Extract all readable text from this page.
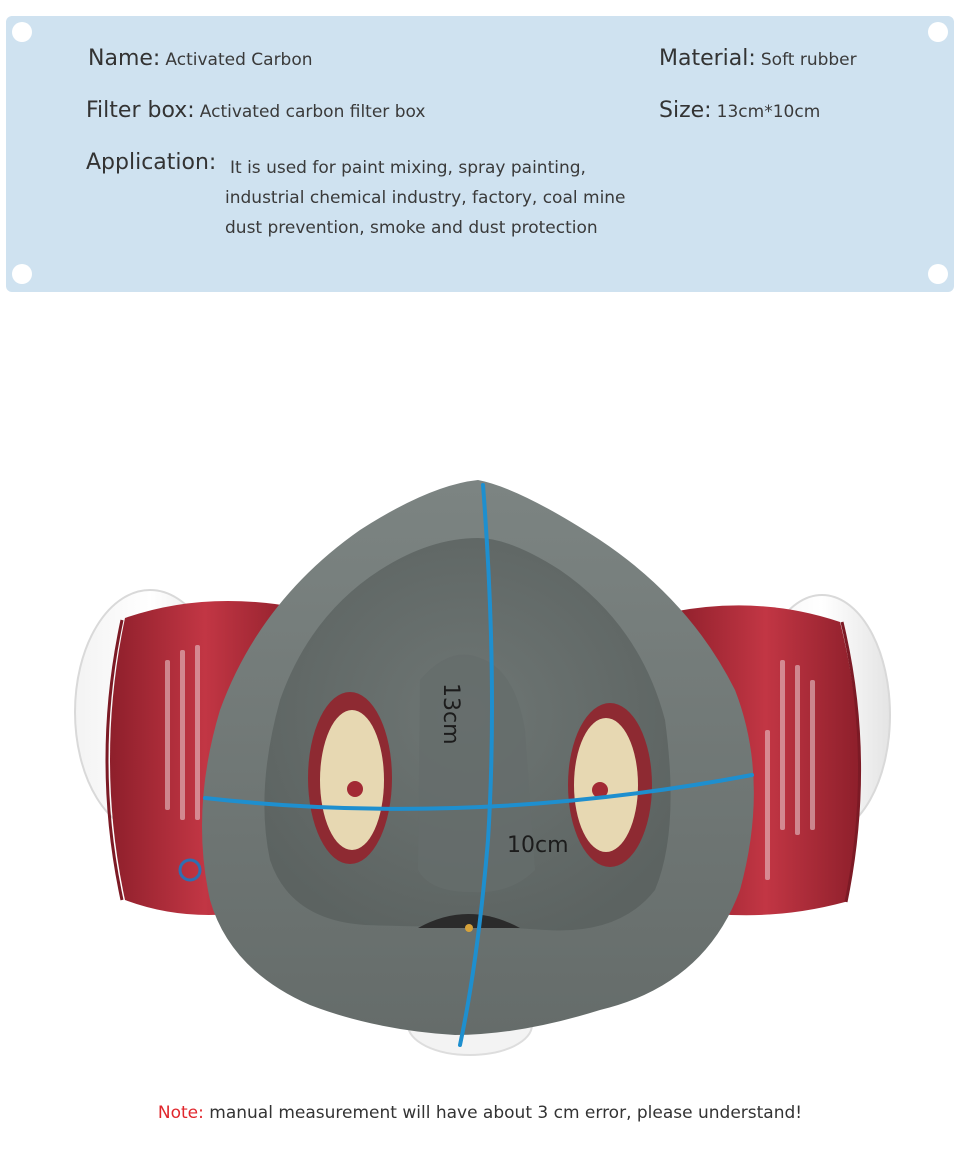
Name: Activated Carbon
Filter box: Activated carbon filter box
Material: Soft rubber
Size: 13cm*10cm
Application: It is used for paint mixing, spray painting,
industrial chemical industry, factory, coal mine dust prevention, smoke and dust protection
13cm
10cm
Note: manual measurement will have about 3 cm error, please understand!
